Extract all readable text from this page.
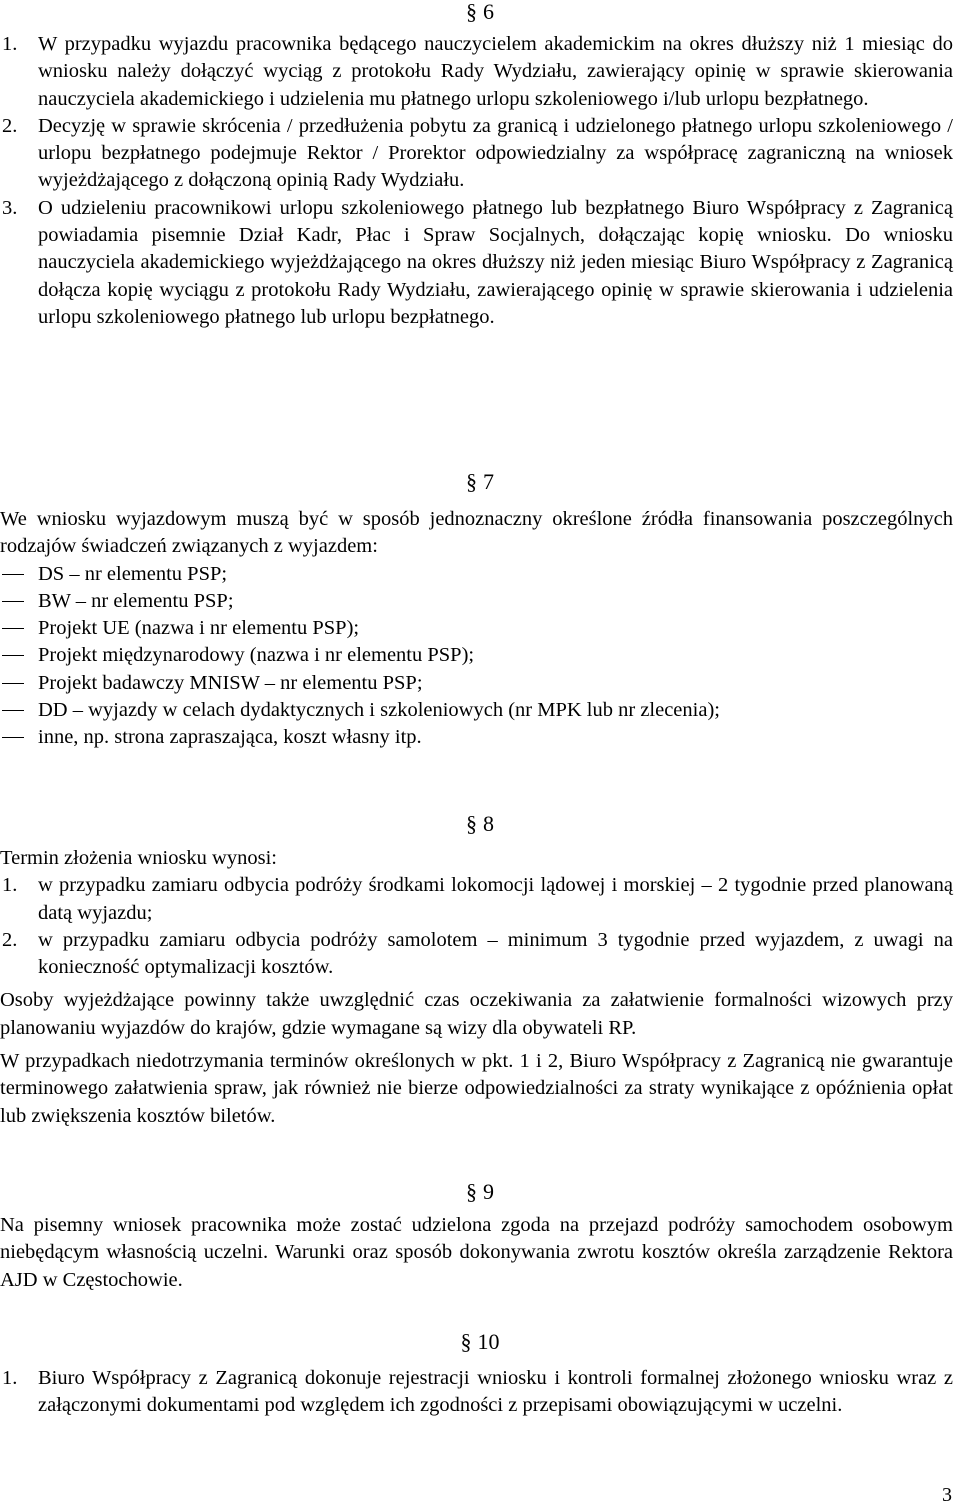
§ 6
1. W przypadku wyjazdu pracownika będącego nauczycielem akademickim na okres dłuższy niż 1 miesiąc do wniosku należy dołączyć wyciąg z protokołu Rady Wydziału, zawierający opinię w sprawie skierowania nauczyciela akademickiego i udzielenia mu płatnego urlopu szkoleniowego i/lub urlopu bezpłatnego.
2. Decyzję w sprawie skrócenia / przedłużenia pobytu za granicą i udzielonego płatnego urlopu szkoleniowego / urlopu bezpłatnego podejmuje Rektor / Prorektor odpowiedzialny za współpracę zagraniczną na wniosek wyjeżdżającego z dołączoną opinią Rady Wydziału.
3. O udzieleniu pracownikowi urlopu szkoleniowego płatnego lub bezpłatnego Biuro Współpracy z Zagranicą powiadamia pisemnie Dział Kadr, Płac i Spraw Socjalnych, dołączając kopię wniosku. Do wniosku nauczyciela akademickiego wyjeżdżającego na okres dłuższy niż jeden miesiąc Biuro Współpracy z Zagranicą dołącza kopię wyciągu z protokołu Rady Wydziału, zawierającego opinię w sprawie skierowania i udzielenia urlopu szkoleniowego płatnego lub urlopu bezpłatnego.
§ 7

We wniosku wyjazdowym muszą być w sposób jednoznaczny określone źródła finansowania poszczególnych rodzajów świadczeń związanych z wyjazdem:

DS – nr elementu PSP;
BW – nr elementu PSP;
Projekt UE (nazwa i nr elementu PSP);
Projekt międzynarodowy (nazwa i nr elementu PSP);
Projekt badawczy MNISW – nr elementu PSP;
DD – wyjazdy w celach dydaktycznych i szkoleniowych (nr MPK lub nr zlecenia);
inne, np. strona zapraszająca, koszt własny itp.
§ 8

Termin złożenia wniosku wynosi:

1. w przypadku zamiaru odbycia podróży środkami lokomocji lądowej i morskiej – 2 tygodnie przed planowaną datą wyjazdu;
2. w przypadku zamiaru odbycia podróży samolotem – minimum 3 tygodnie przed wyjazdem, z uwagi na konieczność optymalizacji kosztów.

Osoby wyjeżdżające powinny także uwzględnić czas oczekiwania za załatwienie formalności wizowych przy planowaniu wyjazdów do krajów, gdzie wymagane są wizy dla obywateli RP.

W przypadkach niedotrzymania terminów określonych w pkt. 1 i 2, Biuro Współpracy z Zagranicą nie gwarantuje terminowego załatwienia spraw, jak również nie bierze odpowiedzialności za straty wynikające z opóźnienia opłat lub zwiększenia kosztów biletów.

§ 9

Na pisemny wniosek pracownika może zostać udzielona zgoda na przejazd podróży samochodem osobowym niebędącym własnością uczelni. Warunki oraz sposób dokonywania zwrotu kosztów określa zarządzenie Rektora AJD w Częstochowie.

§ 10
1. Biuro Współpracy z Zagranicą dokonuje rejestracji wniosku i kontroli formalnej złożonego wniosku wraz z załączonymi dokumentami pod względem ich zgodności z przepisami obowiązującymi w uczelni.
3
